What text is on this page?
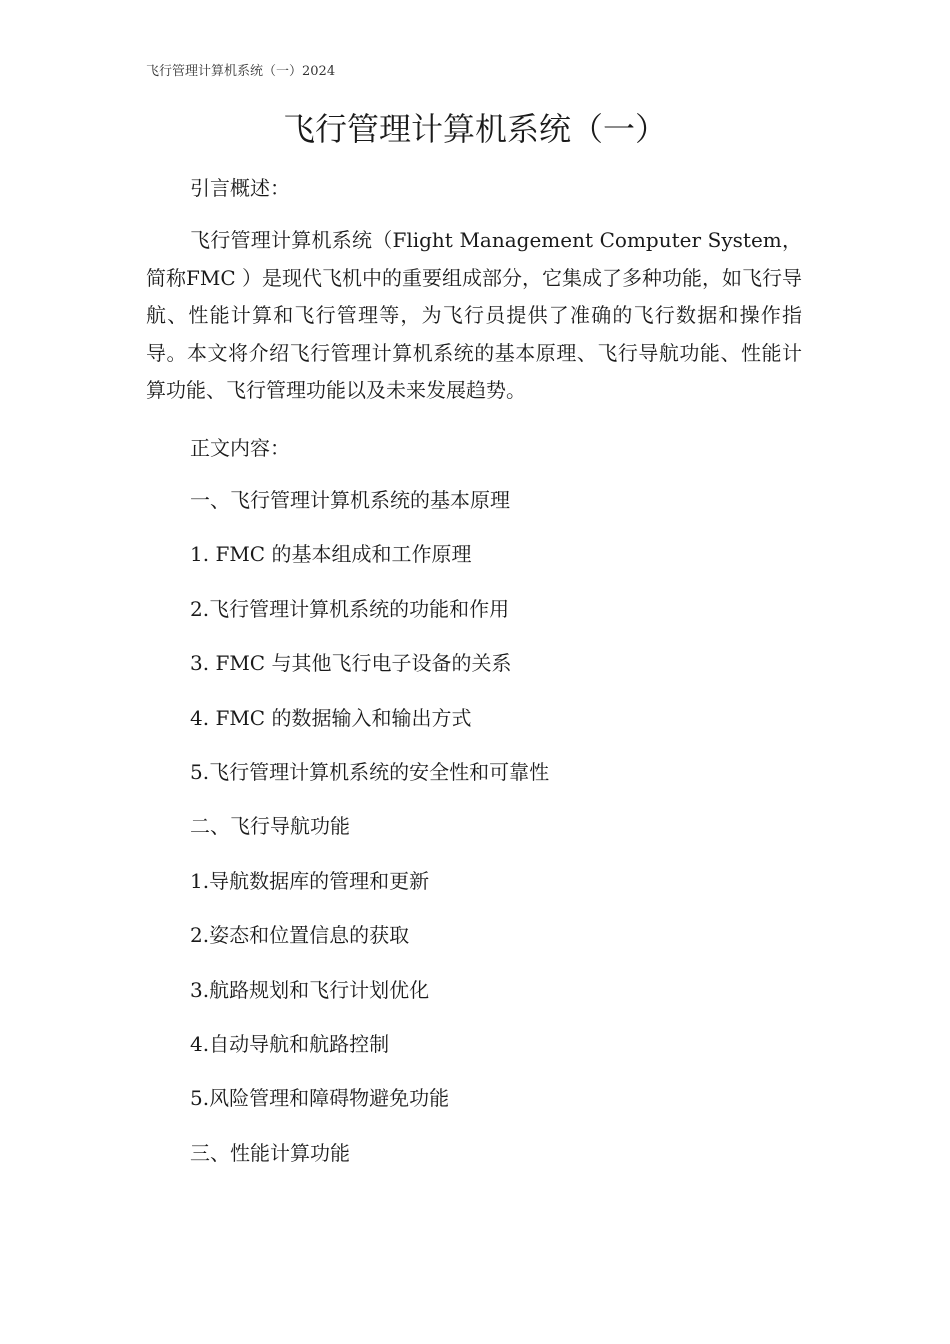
飞行管理计算机系统（一）2024
飞行管理计算机系统（一）
引言概述：
飞行管理计算机系统（Flight Management Computer System，简称FMC ）是现代飞机中的重要组成部分，它集成了多种功能，如飞行导航、性能计算和飞行管理等，为飞行员提供了准确的飞行数据和操作指导。本文将介绍飞行管理计算机系统的基本原理、飞行导航功能、性能计算功能、飞行管理功能以及未来发展趋势。
正文内容：
一、飞行管理计算机系统的基本原理
1. FMC 的基本组成和工作原理
2.飞行管理计算机系统的功能和作用
3. FMC 与其他飞行电子设备的关系
4. FMC 的数据输入和输出方式
5.飞行管理计算机系统的安全性和可靠性
二、飞行导航功能
1.导航数据库的管理和更新
2.姿态和位置信息的获取
3.航路规划和飞行计划优化
4.自动导航和航路控制
5.风险管理和障碍物避免功能
三、性能计算功能
